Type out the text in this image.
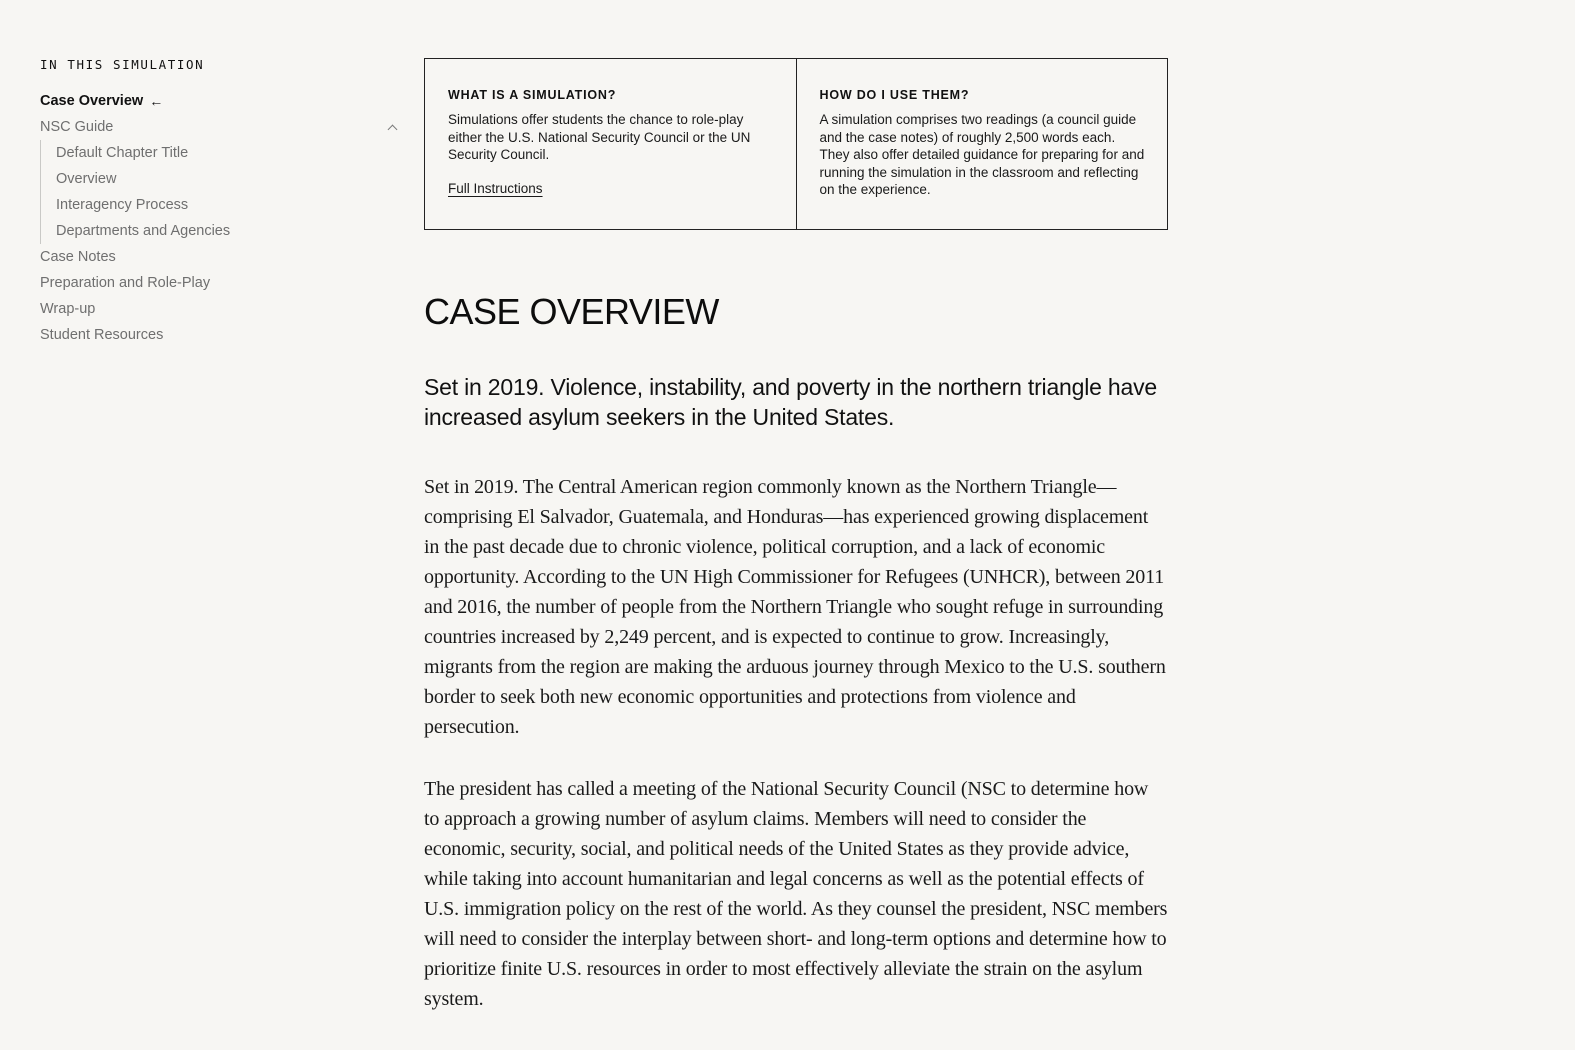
IN THIS SIMULATION
Case Overview ←
NSC Guide
Default Chapter Title
Overview
Interagency Process
Departments and Agencies
Case Notes
Preparation and Role-Play
Wrap-up
Student Resources
WHAT IS A SIMULATION?

Simulations offer students the chance to role-play either the U.S. National Security Council or the UN Security Council.

Full Instructions
HOW DO I USE THEM?

A simulation comprises two readings (a council guide and the case notes) of roughly 2,500 words each. They also offer detailed guidance for preparing for and running the simulation in the classroom and reflecting on the experience.

CASE OVERVIEW

Set in 2019. Violence, instability, and poverty in the northern triangle have increased asylum seekers in the United States.

Set in 2019. The Central American region commonly known as the Northern Triangle—comprising El Salvador, Guatemala, and Honduras—has experienced growing displacement in the past decade due to chronic violence, political corruption, and a lack of economic opportunity. According to the UN High Commissioner for Refugees (UNHCR), between 2011 and 2016, the number of people from the Northern Triangle who sought refuge in surrounding countries increased by 2,249 percent, and is expected to continue to grow. Increasingly, migrants from the region are making the arduous journey through Mexico to the U.S. southern border to seek both new economic opportunities and protections from violence and persecution.

The president has called a meeting of the National Security Council (NSC to determine how to approach a growing number of asylum claims. Members will need to consider the economic, security, social, and political needs of the United States as they provide advice, while taking into account humanitarian and legal concerns as well as the potential effects of U.S. immigration policy on the rest of the world. As they counsel the president, NSC members will need to consider the interplay between short- and long-term options and determine how to prioritize finite U.S. resources in order to most effectively alleviate the strain on the asylum system.
